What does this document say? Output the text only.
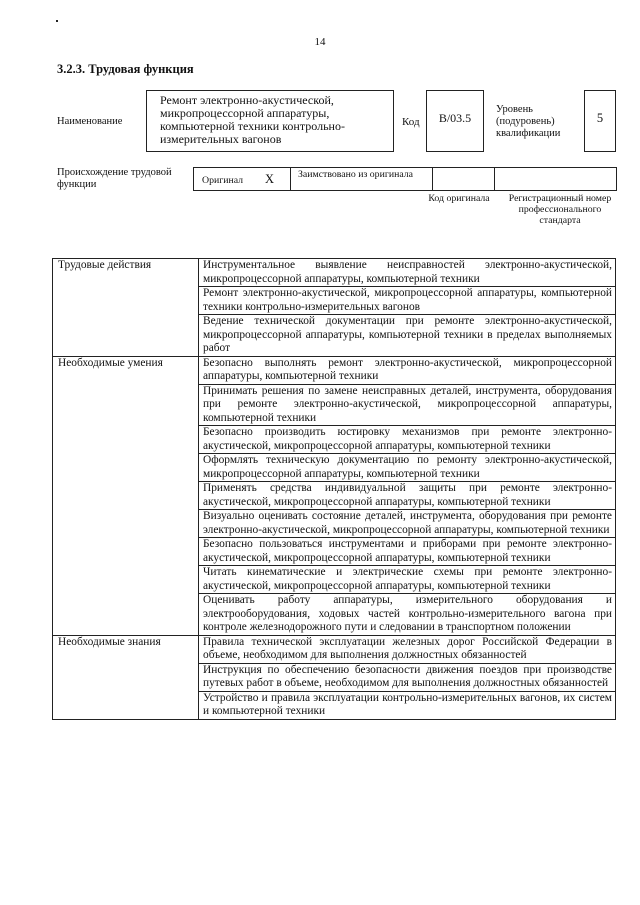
14
3.2.3. Трудовая функция
Наименование
Ремонт электронно-акустической, микропроцессорной аппаратуры, компьютерной техники контрольно-измерительных вагонов
Код	B/03.5
Уровень (подуровень) квалификации
5
Происхождение трудовой функции	Оригинал X Заимствовано из оригинала
Код оригинала Регистрационный номер профессионального стандарта
Трудовые действия	Инструментальное выявление неисправностей электронно-акустической, микропроцессорной аппаратуры, компьютерной техники
	Ремонт электронно-акустической, микропроцессорной аппаратуры, компьютерной техники контрольно-измерительных вагонов
	Ведение технической документации при ремонте электронно-акустической, микропроцессорной аппаратуры, компьютерной техники в пределах выполняемых работ
Необходимые умения	Безопасно выполнять ремонт электронно-акустической, микропроцессорной аппаратуры, компьютерной техники
	Принимать решения по замене неисправных деталей, инструмента, оборудования при ремонте электронно-акустической, микропроцессорной аппаратуры, компьютерной техники
	Безопасно производить юстировку механизмов при ремонте электронно-акустической, микропроцессорной аппаратуры, компьютерной техники
	Оформлять техническую документацию по ремонту электронно-акустической, микропроцессорной аппаратуры, компьютерной техники
	Применять средства индивидуальной защиты при ремонте электронно-акустической, микропроцессорной аппаратуры, компьютерной техники
	Визуально оценивать состояние деталей, инструмента, оборудования при ремонте электронно-акустической, микропроцессорной аппаратуры, компьютерной техники
	Безопасно пользоваться инструментами и приборами при ремонте электронно-акустической, микропроцессорной аппаратуры, компьютерной техники
	Читать кинематические и электрические схемы при ремонте электронно-акустической, микропроцессорной аппаратуры, компьютерной техники
	Оценивать работу аппаратуры, измерительного оборудования и электрооборудования, ходовых частей контрольно-измерительного вагона при контроле железнодорожного пути и следовании в транспортном положении
Необходимые знания	Правила технической эксплуатации железных дорог Российской Федерации в объеме, необходимом для выполнения должностных обязанностей
	Инструкция по обеспечению безопасности движения поездов при производстве путевых работ в объеме, необходимом для выполнения должностных обязанностей
	Устройство и правила эксплуатации контрольно-измерительных вагонов, их систем и компьютерной техники
